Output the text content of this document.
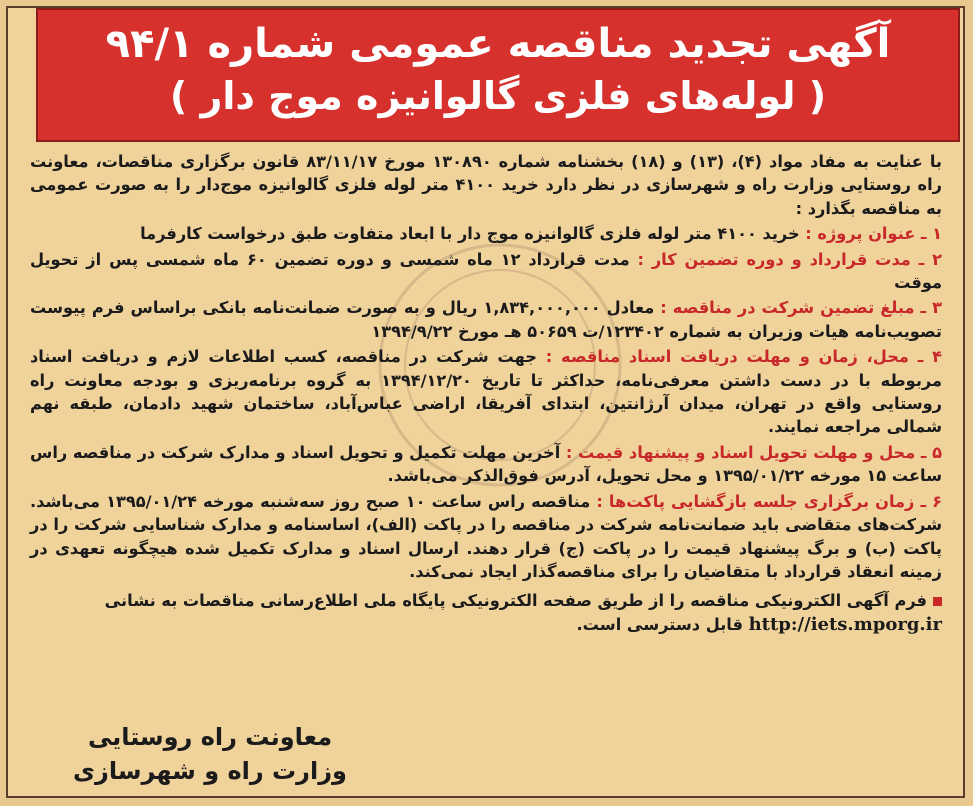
آگهی تجدید مناقصه عمومی شماره ۹۴/۱
( لوله‌های فلزی گالوانیزه موج دار )

با عنایت به مفاد مواد (۴)، (۱۳) و (۱۸) بخشنامه شماره ۱۳۰۸۹۰ مورخ ۸۳/۱۱/۱۷ قانون برگزاری مناقصات، معاونت راه روستایی وزارت راه و شهرسازی در نظر دارد خرید ۴۱۰۰ متر لوله فلزی گالوانیزه موج‌دار را به صورت عمومی به مناقصه بگذارد :

۱ ـ عنوان پروژه : خرید ۴۱۰۰ متر لوله فلزی گالوانیزه موج دار با ابعاد متفاوت طبق درخواست کارفرما

۲ ـ مدت قرارداد و دوره تضمین کار : مدت قرارداد ۱۲ ماه شمسی و دوره تضمین ۶۰ ماه شمسی پس از تحویل موقت

۳ ـ مبلغ تضمین شرکت در مناقصه : معادل ۱,۸۳۴,۰۰۰,۰۰۰ ریال و به صورت ضمانت‌نامه بانکی براساس فرم پیوست تصویب‌نامه هیات وزیران به شماره ۱۲۳۴۰۲/ت ۵۰۶۵۹ هـ مورخ ۱۳۹۴/۹/۲۲

۴ ـ محل، زمان و مهلت دریافت اسناد مناقصه : جهت شرکت در مناقصه، کسب اطلاعات لازم و دریافت اسناد مربوطه با در دست داشتن معرفی‌نامه، حداکثر تا تاریخ ۱۳۹۴/۱۲/۲۰ به گروه برنامه‌ریزی و بودجه معاونت راه روستایی واقع در تهران، میدان آرژانتین، ابتدای آفریقا، اراضی عباس‌آباد، ساختمان شهید دادمان، طبقه نهم شمالی مراجعه نمایند.

۵ ـ محل و مهلت تحویل اسناد و پیشنهاد قیمت : آخرین مهلت تکمیل و تحویل اسناد و مدارک شرکت در مناقصه راس ساعت ۱۵ مورخه ۱۳۹۵/۰۱/۲۲ و محل تحویل، آدرس فوق‌الذکر می‌باشد.

۶ ـ زمان برگزاری جلسه بازگشایی پاکت‌ها : مناقصه راس ساعت ۱۰ صبح روز سه‌شنبه مورخه ۱۳۹۵/۰۱/۲۴ می‌باشد. شرکت‌های متقاضی باید ضمانت‌نامه شرکت در مناقصه را در پاکت (الف)، اساسنامه و مدارک شناسایی شرکت را در پاکت (ب) و برگ پیشنهاد قیمت را در پاکت (ج) قرار دهند. ارسال اسناد و مدارک تکمیل شده هیچگونه تعهدی در زمینه انعقاد قرارداد با متقاضیان را برای مناقصه‌گذار ایجاد نمی‌کند.

فرم آگهی الکترونیکی مناقصه را از طریق صفحه الکترونیکی پایگاه ملی اطلاع‌رسانی مناقصات به نشانی
http://iets.mporg.ir قابل دسترسی است.

معاونت راه روستایی
وزارت راه و شهرسازی
